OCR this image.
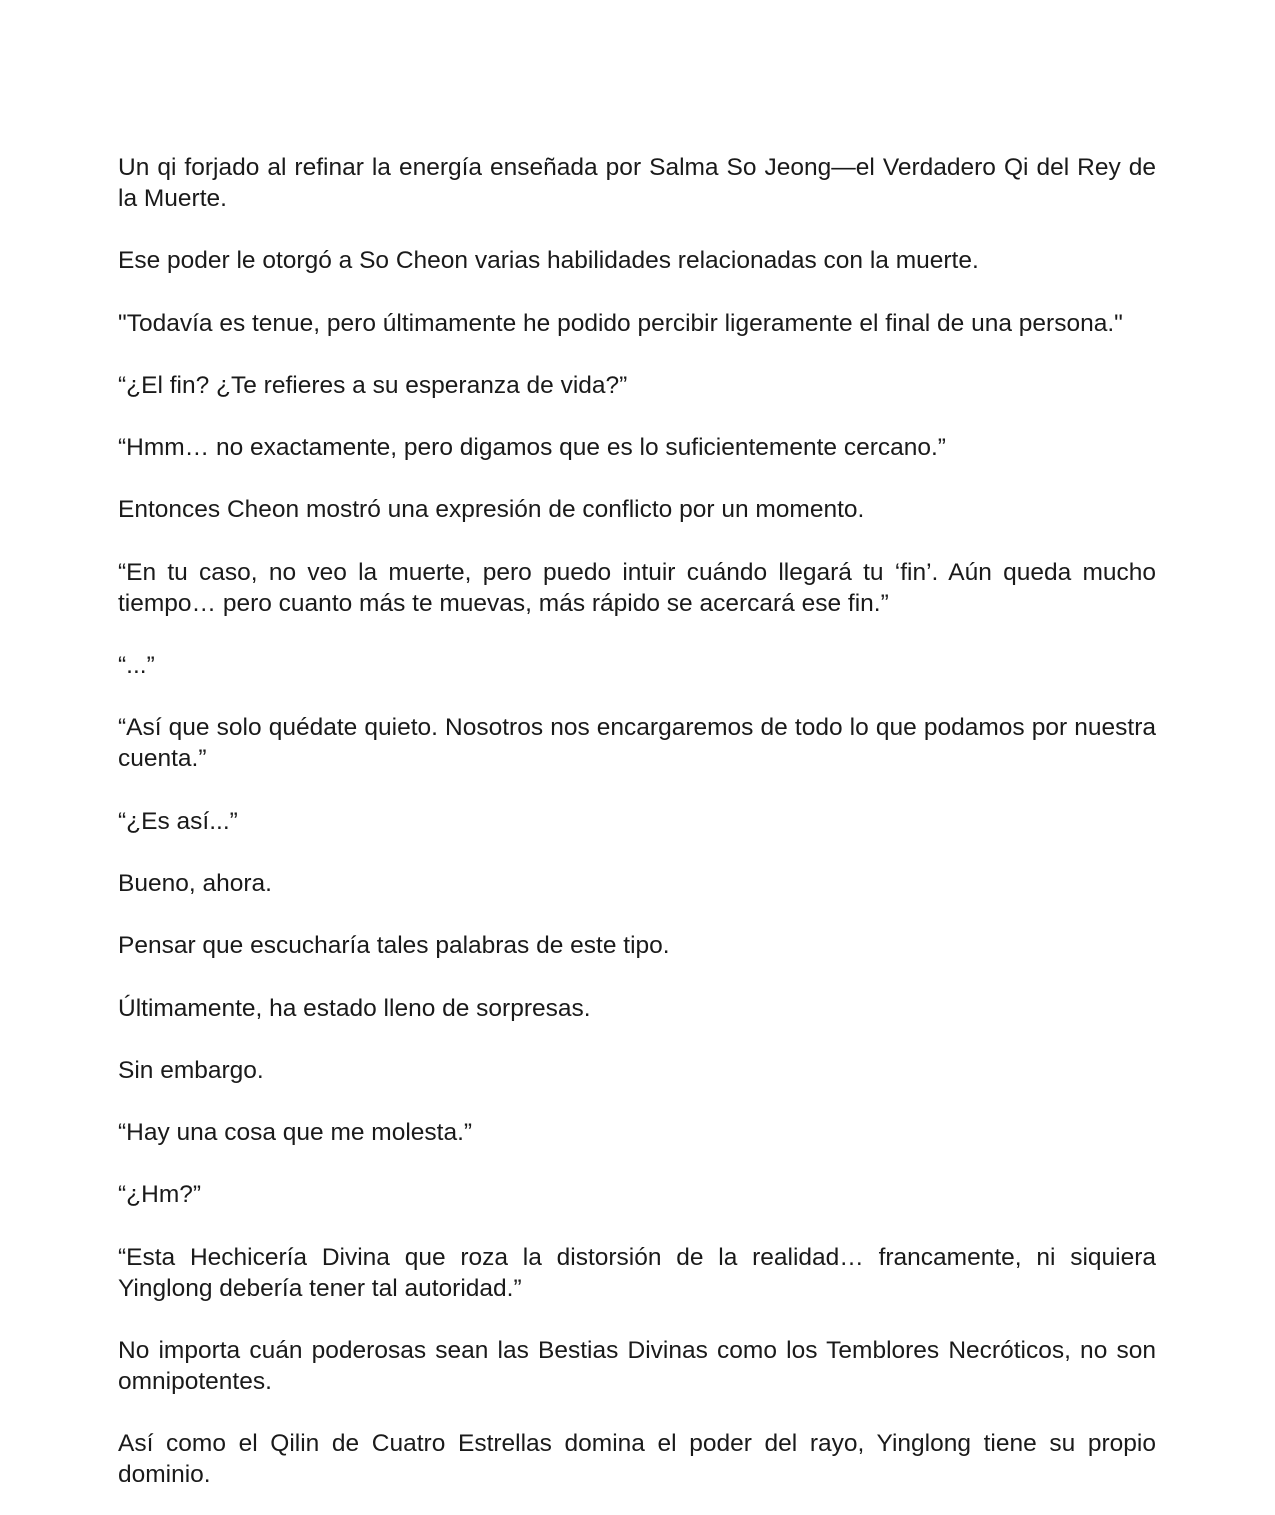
Un qi forjado al refinar la energía enseñada por Salma So Jeong—el Verdadero Qi del Rey de la Muerte.

Ese poder le otorgó a So Cheon varias habilidades relacionadas con la muerte.

"Todavía es tenue, pero últimamente he podido percibir ligeramente el final de una persona."

“¿El fin? ¿Te refieres a su esperanza de vida?”

“Hmm… no exactamente, pero digamos que es lo suficientemente cercano.”

Entonces Cheon mostró una expresión de conflicto por un momento.

“En tu caso, no veo la muerte, pero puedo intuir cuándo llegará tu ‘fin’. Aún queda mucho tiempo… pero cuanto más te muevas, más rápido se acercará ese fin.”

“...”

“Así que solo quédate quieto. Nosotros nos encargaremos de todo lo que podamos por nuestra cuenta.”

“¿Es así...”

Bueno, ahora.

Pensar que escucharía tales palabras de este tipo.

Últimamente, ha estado lleno de sorpresas.

Sin embargo.

“Hay una cosa que me molesta.”

“¿Hm?”

“Esta Hechicería Divina que roza la distorsión de la realidad… francamente, ni siquiera Yinglong debería tener tal autoridad.”

No importa cuán poderosas sean las Bestias Divinas como los Temblores Necróticos, no son omnipotentes.

Así como el Qilin de Cuatro Estrellas domina el poder del rayo, Yinglong tiene su propio dominio.
